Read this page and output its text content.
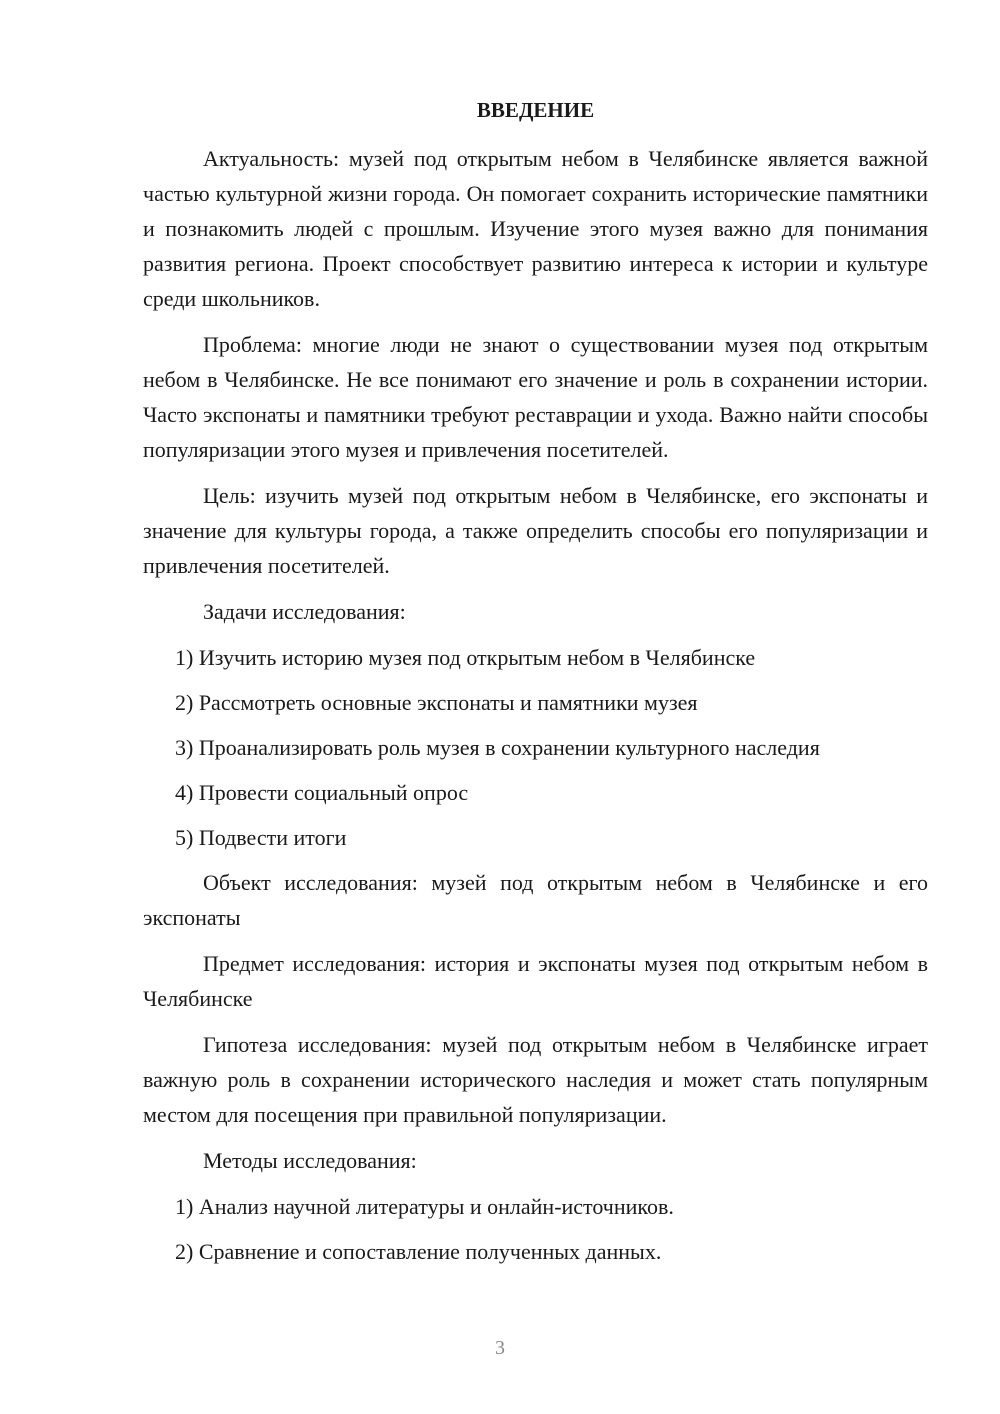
ВВЕДЕНИЕ

Актуальность: музей под открытым небом в Челябинске является важной частью культурной жизни города. Он помогает сохранить исторические памятники и познакомить людей с прошлым. Изучение этого музея важно для понимания развития региона. Проект способствует развитию интереса к истории и культуре среди школьников.

Проблема: многие люди не знают о существовании музея под открытым небом в Челябинске. Не все понимают его значение и роль в сохранении истории. Часто экспонаты и памятники требуют реставрации и ухода. Важно найти способы популяризации этого музея и привлечения посетителей.

Цель: изучить музей под открытым небом в Челябинске, его экспонаты и значение для культуры города, а также определить способы его популяризации и привлечения посетителей.

Задачи исследования:

1) Изучить историю музея под открытым небом в Челябинске
2) Рассмотреть основные экспонаты и памятники музея
3) Проанализировать роль музея в сохранении культурного наследия
4) Провести социальный опрос
5) Подвести итоги

Объект исследования: музей под открытым небом в Челябинске и его экспонаты

Предмет исследования: история и экспонаты музея под открытым небом в Челябинске

Гипотеза исследования: музей под открытым небом в Челябинске играет важную роль в сохранении исторического наследия и может стать популярным местом для посещения при правильной популяризации.

Методы исследования:

1) Анализ научной литературы и онлайн-источников.
2) Сравнение и сопоставление полученных данных.
3
